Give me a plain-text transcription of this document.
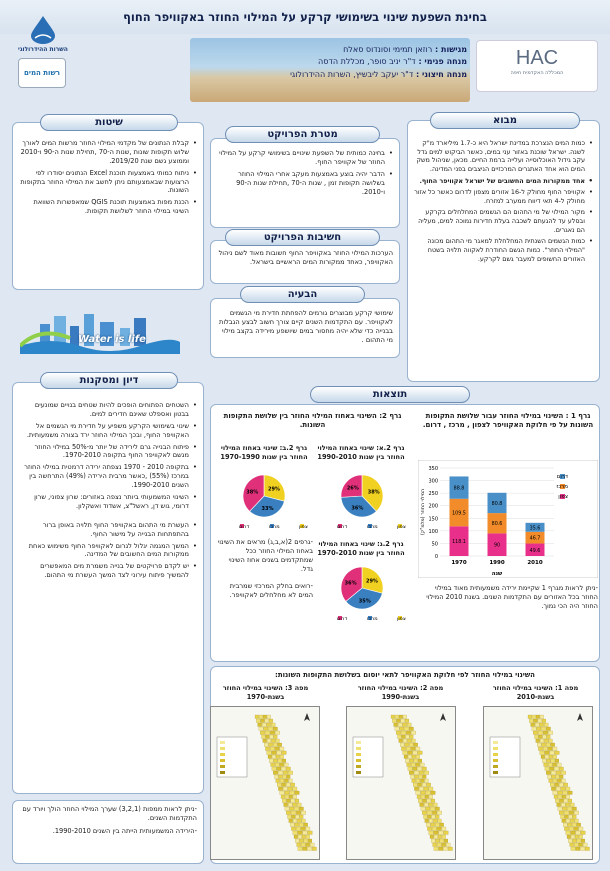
בחינת השפעת שינוי בשימושי קרקע על המילוי החוזר באקוויפר החוף
השרות ההידרולוגי
רשות המים
מגישות : רוזאן תמימי וסונדוס סאלח
מנחה פנימי : ד"ר יניב סופר, מכללת הדסה
מנחה חיצוני : ד"ר יעקב ליבשיץ, השרות ההידרולוגי
HAC
המכללה האקדמית חיפה
• כמות המים הנצרכת במדינת ישראל היא כ-1.7 מיליארד מ"ק לשנה. ישראל שוכנת באזור עני במים, כאשר הביקוש למים גדל עקב גידול האוכלוסייה ועלייה ברמת החיים. מכאן, שניהול משק המים הוא אחד האתגרים המרכזיים הניצבים בפני המדינה.
• אחד ממקורות המים החשובים של ישראל אקוויפר החוף.
• אקוויפר החוף מחולק ל-16 אזורים מצפון לדרום כאשר כל אזור מחולק ל-4 תאי דיווח ממערב למזרח.
• מקור המילוי של מי התהום הם הגשמים המחלחלים בקרקע ובסלע עד להגעתם לשכבה בעלת חדירות נמוכה למים, מעליה הם נאגרים.
• כמות הגשמים השנתית המחלחלת למאגר מי התהום מכונה "המילוי החוזר". כמות הגשם החודרת לאקווה תלויה בשטח האזורים החשופים למעבר גשם לקרקע.
מבוא
• בחינה כמותית של השפעת שינויים בשימושי קרקע על המילוי החוזר של אקוויפר החוף.
• הדבר יהיה בוצע באמצעות מעקב אחרי המילוי החוזר בשלושה תקופות זמן , שנות ה-70 ,תחילת שנות ה-90 ו-2010.
מטרת הפרויקט
הערכות המילוי החוזר באקוויפר החוף חשובות מאוד לשם ניהול האקוויפר, כאחד ממקורות המים הראשיים בישראל.
חשיבות הפרויקט
שימושי קרקע מבוצרים גורמים להפחתת חדירת מי הגשמים לאקוויפר. עם התקדמות השנים קיים צורך חשוב לבצע הגבלות בבנייה כדי שלא יהיה מחסור במים שיושפע מירידה בקצב מילוי מי התהום .
הבעיה
• קבלת הנתונים של מקדמי המילוי החוזר מרשות המים לאורך שלוש תקופות שונות ,שנות ה-70 ,תחילת שנות ה-90 ו-2010 וממוצע גשם שנת 2019/20.
• ניתוח כמותי באמצעות תוכנת Excel הנתונים יסודרו לפי הרצועות שבאמצעותם ניתן לחשב את המילוי החוזר בתקופות השונות.
• הכנת מפות באמצעות תוכנת QGIS שמאפשרות השוואת השינוי במילוי החוזר לשלושת תקופות.
שיטות
Water is life
• השטחים הפתוחים הופכים להיות שטחים בנויים שמונעים בבטון ואספלט שאינם חדירים למים.
• שינוי בשימושי הקרקע משפיע על חדירת מי הגשמים אל האקוויפר החוף, ובכך המילוי החוזר ירד בצורה משמעותית.
• פיתוח הבנייה גרם לירידה של יותר מ-50% במילוי החוזר מגשם לאקוויפר החוף בתקופה 1970-2010.
• בתקופה 2010 - 1970 נצפתה ירידה דרמטית במילוי החוזר במרכז (55%) ,כאשר מרבית הירידה (49%) התרחשה בין השנים 1990-2010.
• השינוי המשמעותי ביותר נצפה באזורים: שרון צפוני, שרון דרומי, גוש דן, ראשל"צ, אשדוד ואשקלון.
• העשרת מי התהום באקוויפר החוף תלויה באופן ברור בהתפתחות הבנייה על מישור החוף.
• המשך המגמה יגלול לגרום לאקוויפר החוף משימוש כאחת ממקורות המים החשובים של המדינה.
• יש לקדם פרויקטים של בנייה משמרת מים המאפשרים להמשיך פיתוח עירוני לצד המשך העשרת מי התהום.
דיון ומסקנות
-ניתן לראות ממפות (3,2,1) שערך המילוי החוזר הולך ויורד עם התקדמות השנים.
-הירידה המשמעותית הייתה בין השנים 1990-2010.
תוצאות
גרף 1 : השינוי במילוי החוזר עבור שלושת התקופות השונות על פי חלוקת האקוויפר לצפון , מרכז , דרום.
0
50
100
150
200
250
300
350
118.1
109.5
88.8
1970
90
80.6
80.8
1990
49.6
46.7
35.6
2010
שנה
המילוי החוזר (מלמ"ק)
דרום
מרכז
צפון
-ניתן לראות מגרף 1 שקיימת ירידה משמעותית מאוד במילוי החוזר בכל האזורים עם התקדמות השנים. בשנת 2010 המילוי החוזר היה הכי נמוך.
גרף 2: השינוי באחוז המילוי החוזר בין שלושת התקופות השונות.
גרף 2.ב: שינוי באחוז המילוי החוזר בין שנות 1970-1990
גרף 2.א: שינוי באחוז המילוי החוזר בין שנות 1990-2010
29%
33%
38%
צפון
מרכז
דרום
38%
36%
26%
צפון
מרכז
דרום
-גרפים 2(א,ב,ג) מראים את השינוי באחוז המילוי החוזר ככל שמתקדמים בשנים אחוז השינוי גדל.
-רואים בחלק המרכזי שמרבית המים לא מחלחלים לאקוויפר.
גרף 2.ג: שינוי באחוז המילוי החוזר בין שנות 1970-2010
29%
35%
36%
צפון
מרכז
דרום
השינוי במילוי החוזר לפי חלוקת האקוויפר לתאי יוסום בשלושת התקופות השונות:
מפה 1: השינוי במילוי החוזר בשנת-2010
מפה 2: השינוי במילוי החוזר בשנת-1990
מפה 3: השינוי במילוי החוזר בשנת-1970
